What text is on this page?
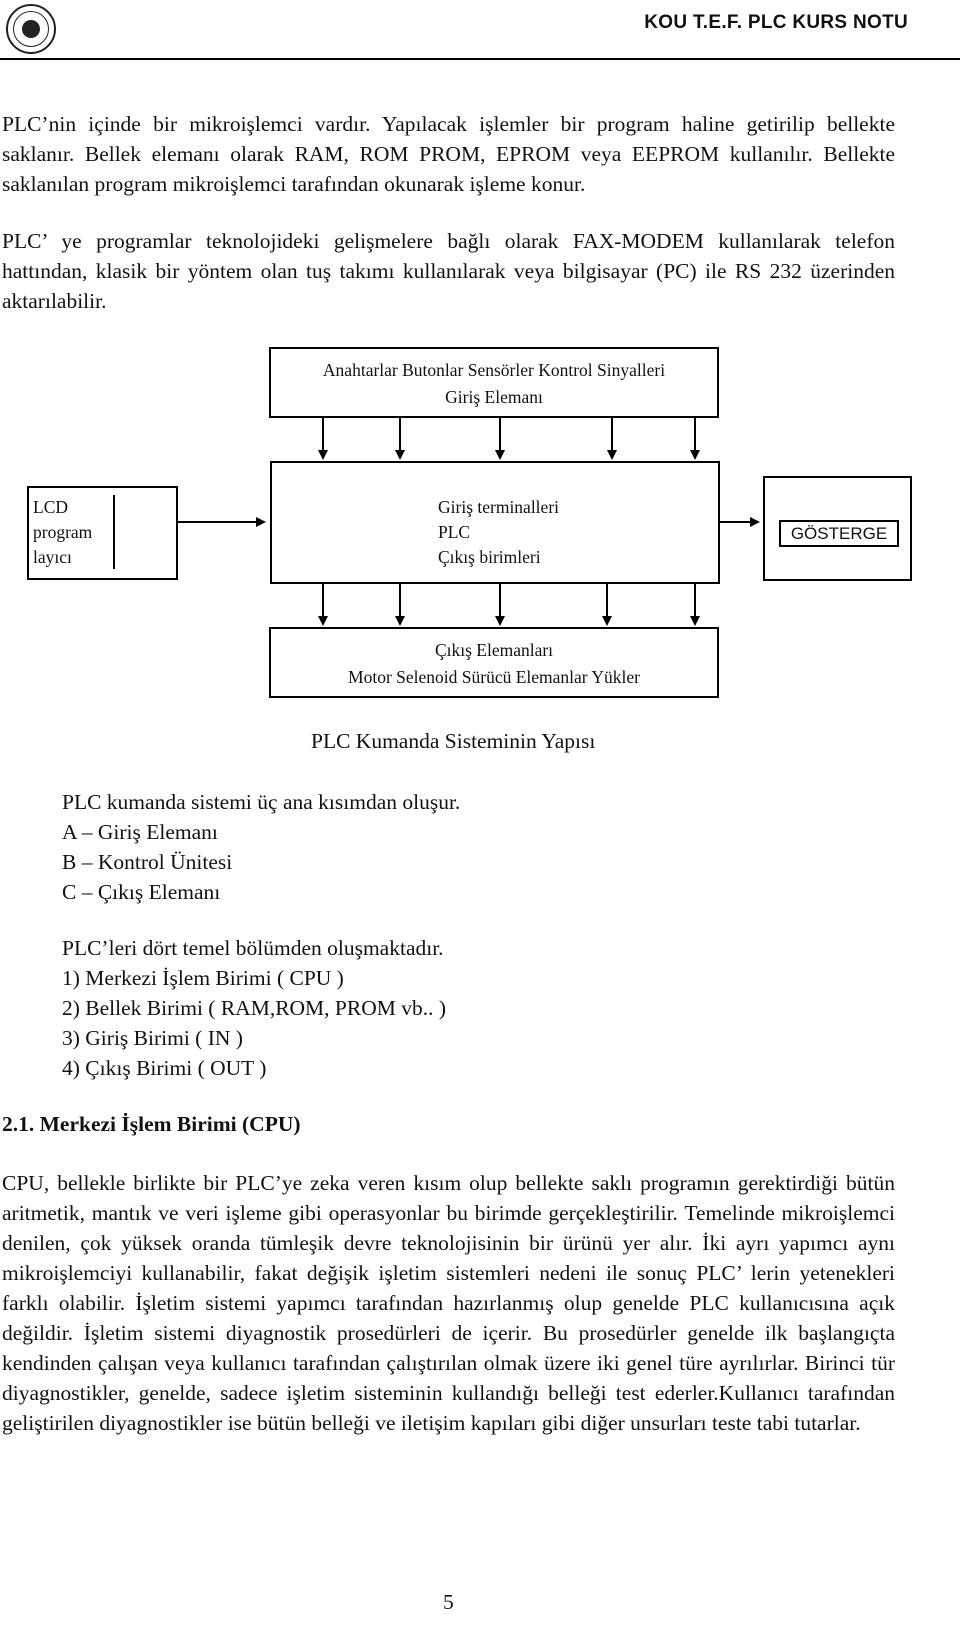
KOU T.E.F. PLC KURS NOTU

PLC’nin içinde bir mikroişlemci vardır. Yapılacak işlemler bir program haline getirilip bellekte saklanır. Bellek elemanı olarak RAM, ROM PROM, EPROM veya EEPROM kullanılır. Bellekte saklanılan program mikroişlemci tarafından okunarak işleme konur.

PLC’ ye programlar teknolojideki gelişmelere bağlı olarak FAX-MODEM kullanılarak telefon hattından, klasik bir yöntem olan tuş takımı kullanılarak veya bilgisayar (PC) ile RS 232 üzerinden aktarılabilir.

Anahtarlar Butonlar Sensörler Kontrol Sinyalleri
Giriş Elemanı
LCD
program
layıcı
Giriş terminalleri
PLC
Çıkış birimleri
GÖSTERGE
Çıkış Elemanları
Motor Selenoid Sürücü Elemanlar Yükler
PLC Kumanda Sisteminin Yapısı
PLC kumanda sistemi üç ana kısımdan oluşur.
A – Giriş Elemanı
B – Kontrol Ünitesi
C – Çıkış Elemanı
PLC’leri dört temel bölümden oluşmaktadır.
1) Merkezi İşlem Birimi ( CPU )
2) Bellek Birimi ( RAM,ROM, PROM vb.. )
3) Giriş Birimi ( IN )
4) Çıkış Birimi ( OUT )
2.1. Merkezi İşlem Birimi (CPU)

CPU, bellekle birlikte bir PLC’ye zeka veren kısım olup bellekte saklı programın gerektirdiği bütün aritmetik, mantık ve veri işleme gibi operasyonlar bu birimde gerçekleştirilir. Temelinde mikroişlemci denilen, çok yüksek oranda tümleşik devre teknolojisinin bir ürünü yer alır. İki ayrı yapımcı aynı mikroişlemciyi kullanabilir, fakat değişik işletim sistemleri nedeni ile sonuç PLC’ lerin yetenekleri farklı olabilir. İşletim sistemi yapımcı tarafından hazırlanmış olup genelde PLC kullanıcısına açık değildir. İşletim sistemi diyagnostik prosedürleri de içerir. Bu prosedürler genelde ilk başlangıçta kendinden çalışan veya kullanıcı tarafından çalıştırılan olmak üzere iki genel türe ayrılırlar. Birinci tür diyagnostikler, genelde, sadece işletim sisteminin kullandığı belleği test ederler.Kullanıcı tarafından geliştirilen diyagnostikler ise bütün belleği ve iletişim kapıları gibi diğer unsurları teste tabi tutarlar.

5
